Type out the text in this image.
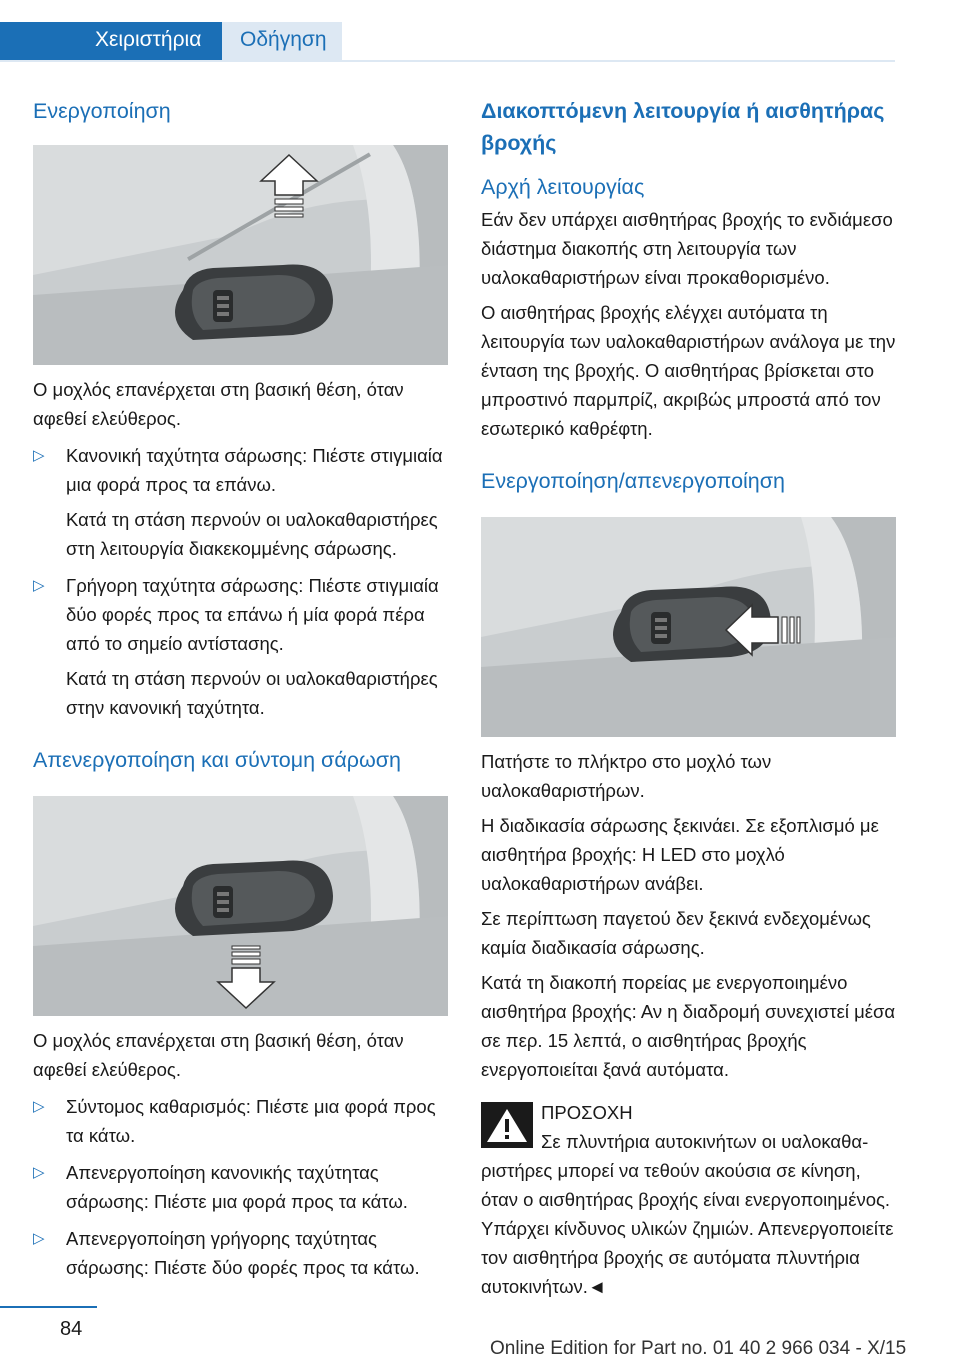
Χειριστήρια	Οδήγηση
Ενεργοποίηση
Ο μοχλός επανέρχεται στη βασική θέση, όταν αφεθεί ελεύθερος.
▷ Κανονική ταχύτητα σάρωσης: Πιέστε στιγμιαία μια φορά προς τα επάνω.
Κατά τη στάση περνούν οι υαλοκαθαριστήρες στη λειτουργία διακεκομμένης σάρωσης.
▷ Γρήγορη ταχύτητα σάρωσης: Πιέστε στιγμιαία δύο φορές προς τα επάνω ή μία φορά πέρα από το σημείο αντίστασης.
Κατά τη στάση περνούν οι υαλοκαθαριστήρες στην κανονική ταχύτητα.
Απενεργοποίηση και σύντομη σάρωση
Ο μοχλός επανέρχεται στη βασική θέση, όταν αφεθεί ελεύθερος.
▷ Σύντομος καθαρισμός: Πιέστε μια φορά προς τα κάτω.
▷ Απενεργοποίηση κανονικής ταχύτητας σάρωσης: Πιέστε μια φορά προς τα κάτω.
▷ Απενεργοποίηση γρήγορης ταχύτητας σάρωσης: Πιέστε δύο φορές προς τα κάτω.
Διακοπτόμενη λειτουργία ή αισθητήρας βροχής
Αρχή λειτουργίας
Εάν δεν υπάρχει αισθητήρας βροχής το ενδιάμεσο διάστημα διακοπής στη λειτουργία των υαλοκαθαριστήρων είναι προκαθορισμένο.
Ο αισθητήρας βροχής ελέγχει αυτόματα τη λειτουργία των υαλοκαθαριστήρων ανάλογα με την ένταση της βροχής. Ο αισθητήρας βρίσκεται στο μπροστινό παρμπρίζ, ακριβώς μπροστά από τον εσωτερικό καθρέφτη.
Ενεργοποίηση/απενεργοποίηση
Πατήστε το πλήκτρο στο μοχλό των υαλοκαθαριστήρων.
Η διαδικασία σάρωσης ξεκινάει. Σε εξοπλισμό με αισθητήρα βροχής: Η LED στο μοχλό υαλοκαθαριστήρων ανάβει.
Σε περίπτωση παγετού δεν ξεκινά ενδεχομένως καμία διαδικασία σάρωσης.
Κατά τη διακοπή πορείας με ενεργοποιημένο αισθητήρα βροχής: Αν η διαδρομή συνεχιστεί μέσα σε περ. 15 λεπτά, ο αισθητήρας βροχής ενεργοποιείται ξανά αυτόματα.
ΠΡΟΣΟΧΗ
Σε πλυντήρια αυτοκινήτων οι υαλοκαθα-
ριστήρες μπορεί να τεθούν ακούσια σε κίνηση, όταν ο αισθητήρας βροχής είναι ενεργοποιημένος. Υπάρχει κίνδυνος υλικών ζημιών. Απενεργοποιείτε τον αισθητήρα βροχής σε αυτόματα πλυντήρια αυτοκινήτων.◄
84
Online Edition for Part no. 01 40 2 966 034 - X/15
